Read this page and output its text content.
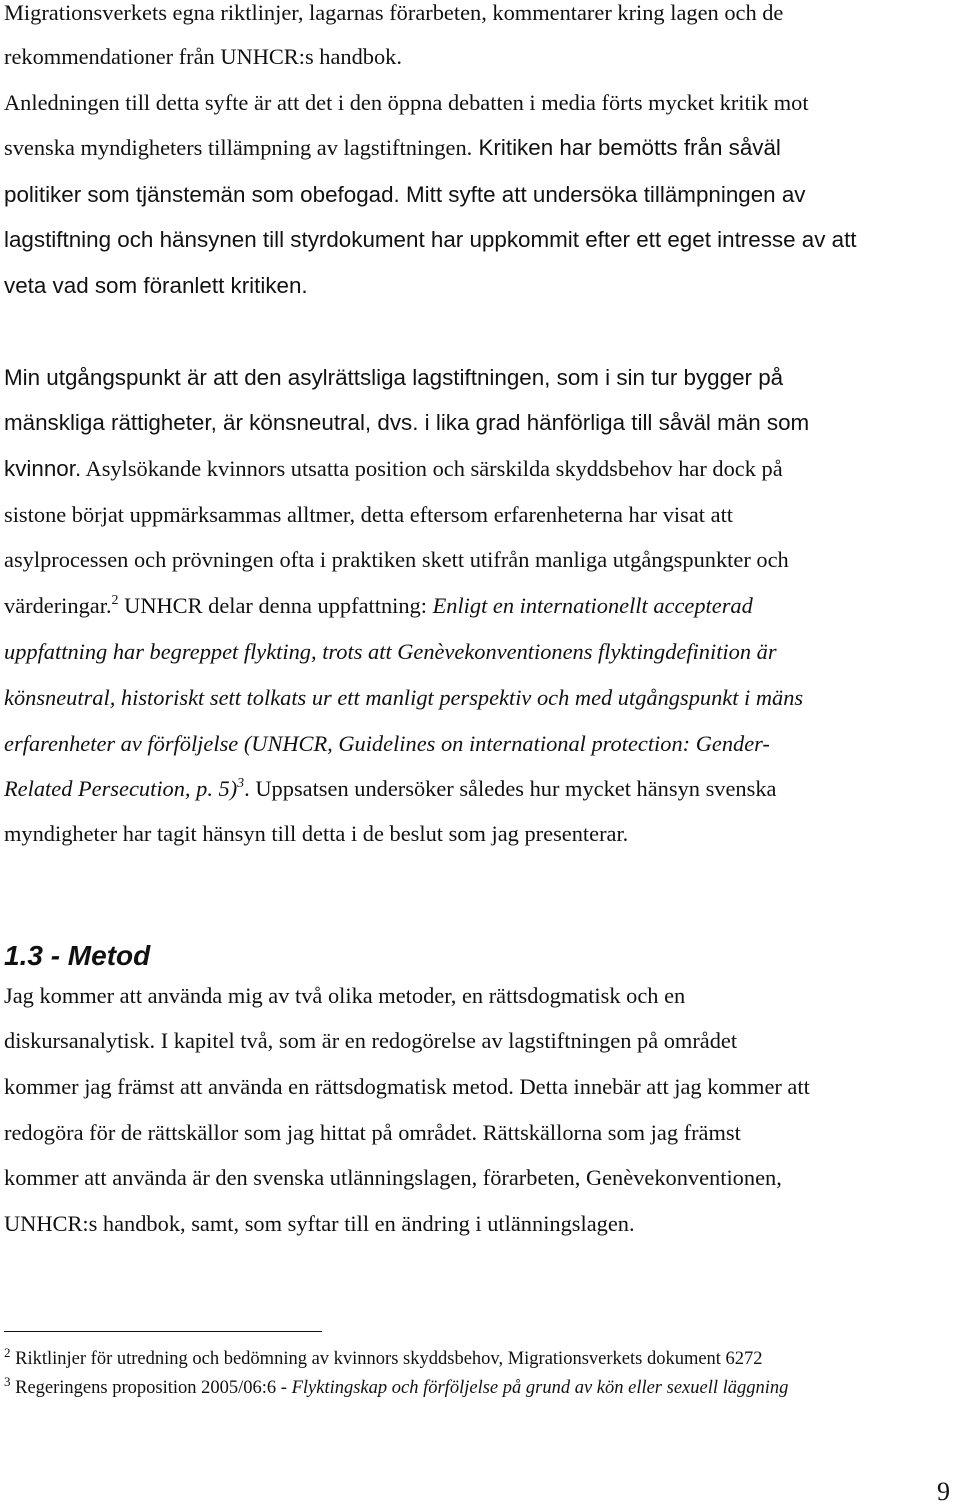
Migrationsverkets egna riktlinjer, lagarnas förarbeten, kommentarer kring lagen och de
rekommendationer från UNHCR:s handbok.
Anledningen till detta syfte är att det i den öppna debatten i media förts mycket kritik mot
svenska myndigheters tillämpning av lagstiftningen. Kritiken har bemötts från såväl
politiker som tjänstemän som obefogad. Mitt syfte att undersöka tillämpningen av
lagstiftning och hänsynen till styrdokument har uppkommit efter ett eget intresse av att
veta vad som föranlett kritiken.
Min utgångspunkt är att den asylrättsliga lagstiftningen, som i sin tur bygger på
mänskliga rättigheter, är könsneutral, dvs. i lika grad hänförliga till såväl män som
kvinnor. Asylsökande kvinnors utsatta position och särskilda skyddsbehov har dock på
sistone börjat uppmärksammas alltmer, detta eftersom erfarenheterna har visat att
asylprocessen och prövningen ofta i praktiken skett utifrån manliga utgångspunkter och
värderingar.$^2$ UNHCR delar denna uppfattning: Enligt en internationellt accepterad
uppfattning har begreppet flykting, trots att Genèvekonventionens flyktingdefinition är
könsneutral, historiskt sett tolkats ur ett manligt perspektiv och med utgångspunkt i mäns
erfarenheter av förföljelse (UNHCR, Guidelines on international protection: Gender-
Related Persecution, p. 5)$^3$. Uppsatsen undersöker således hur mycket hänsyn svenska
myndigheter har tagit hänsyn till detta i de beslut som jag presenterar.
1.3 - Metod
Jag kommer att använda mig av två olika metoder, en rättsdogmatisk och en
diskursanalytisk. I kapitel två, som är en redogörelse av lagstiftningen på området
kommer jag främst att använda en rättsdogmatisk metod. Detta innebär att jag kommer att
redogöra för de rättskällor som jag hittat på området. Rättskällorna som jag främst
kommer att använda är den svenska utlänningslagen, förarbeten, Genèvekonventionen,
UNHCR:s handbok, samt, som syftar till en ändring i utlänningslagen.
$^2$ Riktlinjer för utredning och bedömning av kvinnors skyddsbehov, Migrationsverkets dokument 6272
$^3$ Regeringens proposition 2005/06:6 - Flyktingskap och förföljelse på grund av kön eller sexuell läggning
9
